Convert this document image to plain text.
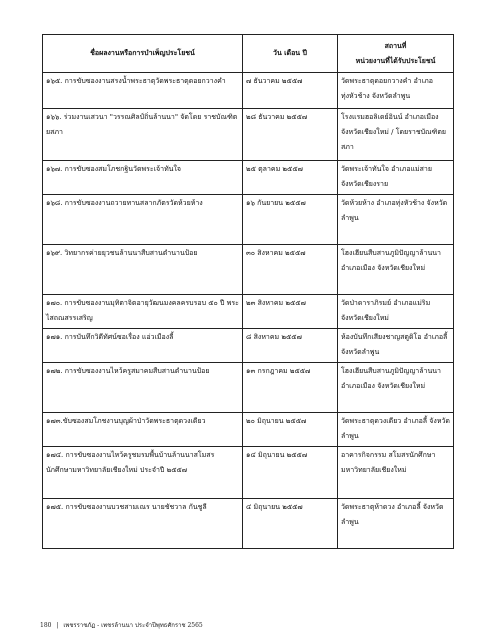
ชื่อผลงานหรือการบำเพ็ญประโยชน์	วัน เดือน ปี	สถานที่
หน่วยงานที่ได้รับประโยชน์
๑๖๕. การขับซองงานสรงน้ำพระธาตุวัดพระธาตุดอยกวางคำ	๗ ธันวาคม ๒๕๕๗	วัดพระธาตุดอยกวางคำ อำเภอทุ่งหัวช้าง จังหวัดลำพูน
๑๖๖. ร่วมงานเสวนา "วรรณศิลป์ถิ่นล้านนา" จัดโดย ราชบัณฑิตยสภา	๒๘ ธันวาคม ๒๕๕๗	โรงแรมฮอลิเดย์อินน์ อำเภอเมือง จังหวัดเชียงใหม่ / โดยราชบัณฑิตยสภา
๑๖๗. การขับซองสมโภชกฐินวัดพระเจ้าทันใจ	๒๕ ตุลาคม ๒๕๕๗	วัดพระเจ้าทันใจ อำเภอแม่สาย จังหวัดเชียงราย
๑๖๘. การขับซองงานถวายทานสลากภัตรวัดห้วยห้าง	๑๖ กันยายน ๒๕๕๗	วัดห้วยห้าง อำเภอทุ่งหัวช้าง จังหวัดลำพูน
๑๖๙. วิทยากรค่ายยุวชนล้านนาสืบสานตำนานป้อย	๓๐ สิงหาคม ๒๕๕๗	โฮงเฮียนสืบสานภูมิปัญญาล้านนา อำเภอเมือง จังหวัดเชียงใหม่
๑๗๐. การขับซองงานมุทิตาจิตอายุวัฒนมงคลครบรอบ ๕๐ ปี พระไสถณสรรเสริญ	๒๓ สิงหาคม ๒๕๕๗	วัดป่าดาราภิรมย์ อำเภอแม่ริม จังหวัดเชียงใหม่
๑๗๑. การบันทึกวิดีทัศน์ซอเรื่อง แอ่วเมืองลี้	๘ สิงหาคม ๒๕๕๗	ห้องบันทึกเสียงชาญสตูดิโอ อำเภอลี้ จังหวัดลำพูน
๑๗๒. การขับซองงานไหว้ครูสมาคมสืบสานตำนานป้อย	๑๓ กรกฎาคม ๒๕๕๗	โฮงเฮียนสืบสานภูมิปัญญาล้านนา อำเภอเมือง จังหวัดเชียงใหม่
๑๗๓.ขับซองสมโภชงานบุญผ้าป่าวัดพระธาตุดวงเดียว	๒๐ มิถุนายน ๒๕๕๗	วัดพระธาตุดวงเดียว อำเภอลี้ จังหวัดลำพูน
๑๗๔. การขับซองงานไหว้ครูชมรมพื้นบ้านล้านนาสโมสรนักศึกษามหาวิทยาลัยเชียงใหม่ ประจำปี ๒๕๕๗	๑๔ มิถุนายน ๒๕๕๗	อาคารกิจกรรม สโมสรนักศึกษา มหาวิทยาลัยเชียงใหม่
๑๗๕. การขับซองงานบวชสามเณร นายชัชวาล กันชูลี	๔ มิถุนายน ๒๕๕๗	วัดพระธาตุห้าดวง อำเภอลี้ จังหวัดลำพูน
180 | เพชรราชภัฏ - เพชรล้านนา ประจำปีพุทธศักราช 2565
